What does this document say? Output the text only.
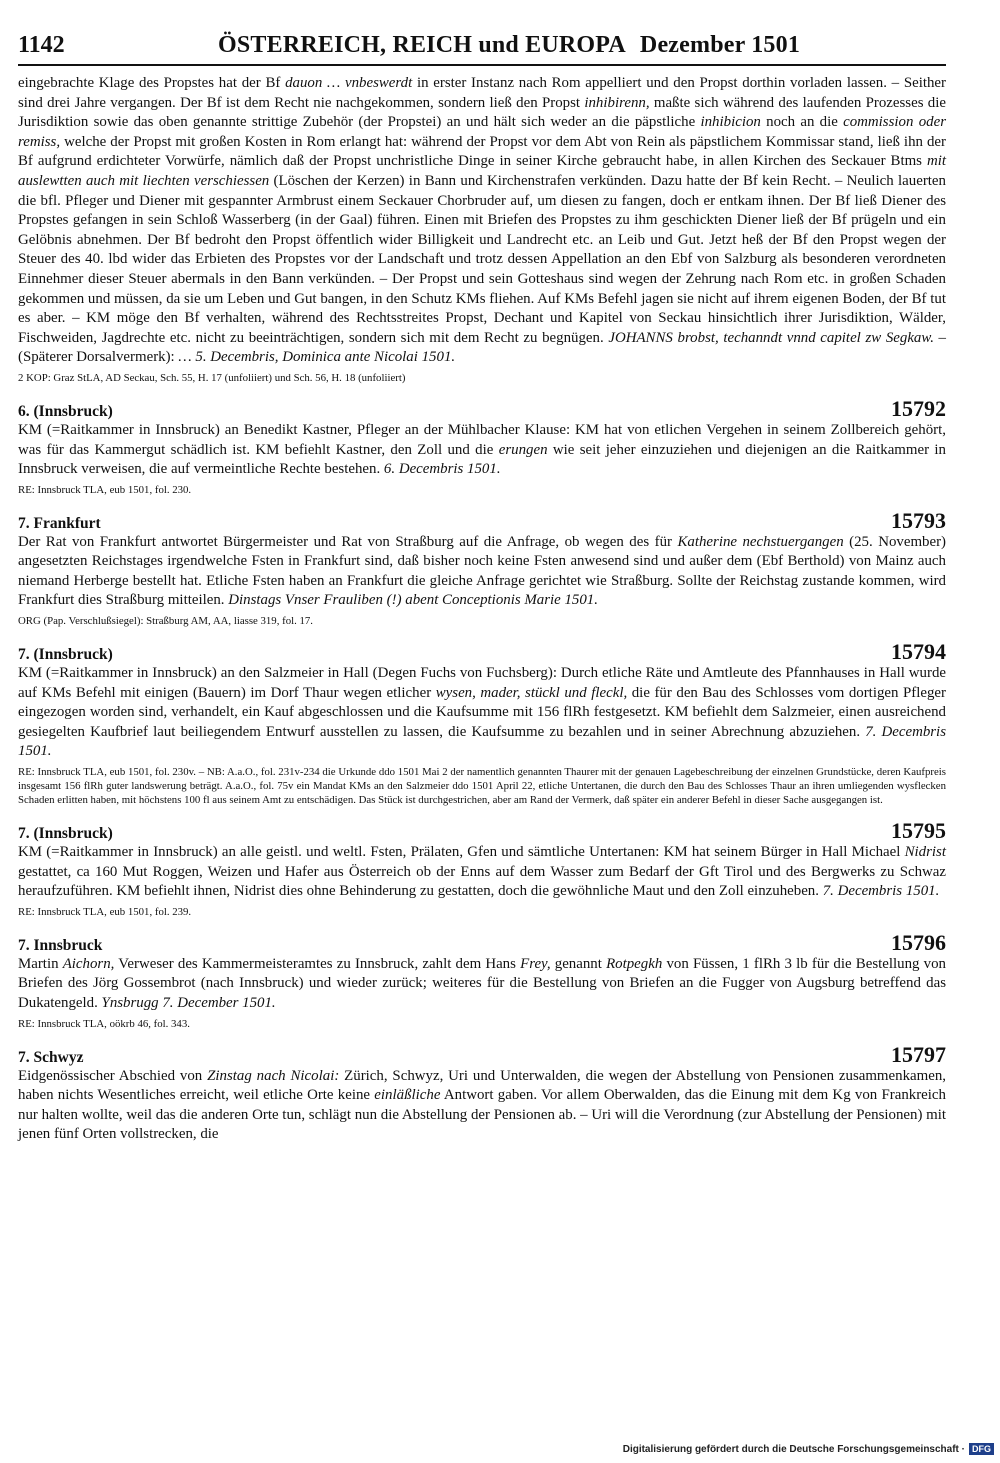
1142	ÖSTERREICH, REICH und EUROPA Dezember 1501
eingebrachte Klage des Propstes hat der Bf dauon … vnbeswerdt in erster Instanz nach Rom appelliert und den Propst dorthin vorladen lassen. – Seither sind drei Jahre vergangen. Der Bf ist dem Recht nie nachgekommen, sondern ließ den Propst inhibirenn, maßte sich während des laufenden Prozesses die Jurisdiktion sowie das oben genannte strittige Zubehör (der Propstei) an und hält sich weder an die päpstliche inhibicion noch an die commission oder remiss, welche der Propst mit großen Kosten in Rom erlangt hat: während der Propst vor dem Abt von Rein als päpstlichem Kommissar stand, ließ ihn der Bf aufgrund erdichteter Vorwürfe, nämlich daß der Propst unchristliche Dinge in seiner Kirche gebraucht habe, in allen Kirchen des Seckauer Btms mit auslewtten auch mit liechten verschiessen (Löschen der Kerzen) in Bann und Kirchenstrafen verkünden. Dazu hatte der Bf kein Recht. – Neulich lauerten die bfl. Pfleger und Diener mit gespannter Armbrust einem Seckauer Chorbruder auf, um diesen zu fangen, doch er entkam ihnen. Der Bf ließ Diener des Propstes gefangen in sein Schloß Wasserberg (in der Gaal) führen. Einen mit Briefen des Propstes zu ihm geschickten Diener ließ der Bf prügeln und ein Gelöbnis abnehmen. Der Bf bedroht den Propst öffentlich wider Billigkeit und Landrecht etc. an Leib und Gut. Jetzt heß der Bf den Propst wegen der Steuer des 40. lbd wider das Erbieten des Propstes vor der Landschaft und trotz dessen Appellation an den Ebf von Salzburg als besonderen verordneten Einnehmer dieser Steuer abermals in den Bann verkünden. – Der Propst und sein Gotteshaus sind wegen der Zehrung nach Rom etc. in großen Schaden gekommen und müssen, da sie um Leben und Gut bangen, in den Schutz KMs fliehen. Auf KMs Befehl jagen sie nicht auf ihrem eigenen Boden, der Bf tut es aber. – KM möge den Bf verhalten, während des Rechtsstreites Propst, Dechant und Kapitel von Seckau hinsichtlich ihrer Jurisdiktion, Wälder, Fischweiden, Jagdrechte etc. nicht zu beeinträchtigen, sondern sich mit dem Recht zu begnügen. JOHANNS brobst, techanndt vnnd capitel zw Segkaw. – (Späterer Dorsalvermerk): … 5. Decembris, Dominica ante Nicolai 1501.
2 KOP: Graz StLA, AD Seckau, Sch. 55, H. 17 (unfoliiert) und Sch. 56, H. 18 (unfoliiert)
6. (Innsbruck)	15792
KM (=Raitkammer in Innsbruck) an Benedikt Kastner, Pfleger an der Mühlbacher Klause: KM hat von etlichen Vergehen in seinem Zollbereich gehört, was für das Kammergut schädlich ist. KM befiehlt Kastner, den Zoll und die erungen wie seit jeher einzuziehen und diejenigen an die Raitkammer in Innsbruck verweisen, die auf vermeintliche Rechte bestehen. 6. Decembris 1501.
RE: Innsbruck TLA, eub 1501, fol. 230.
7. Frankfurt	15793
Der Rat von Frankfurt antwortet Bürgermeister und Rat von Straßburg auf die Anfrage, ob wegen des für Katherine nechstuergangen (25. November) angesetzten Reichstages irgendwelche Fsten in Frankfurt sind, daß bisher noch keine Fsten anwesend sind und außer dem (Ebf Berthold) von Mainz auch niemand Herberge bestellt hat. Etliche Fsten haben an Frankfurt die gleiche Anfrage gerichtet wie Straßburg. Sollte der Reichstag zustande kommen, wird Frankfurt dies Straßburg mitteilen. Dinstags Vnser Frauliben (!) abent Conceptionis Marie 1501.
ORG (Pap. Verschlußsiegel): Straßburg AM, AA, liasse 319, fol. 17.
7. (Innsbruck)	15794
KM (=Raitkammer in Innsbruck) an den Salzmeier in Hall (Degen Fuchs von Fuchsberg): Durch etliche Räte und Amtleute des Pfannhauses in Hall wurde auf KMs Befehl mit einigen (Bauern) im Dorf Thaur wegen etlicher wysen, mader, stückl und fleckl, die für den Bau des Schlosses vom dortigen Pfleger eingezogen worden sind, verhandelt, ein Kauf abgeschlossen und die Kaufsumme mit 156 flRh festgesetzt. KM befiehlt dem Salzmeier, einen ausreichend gesiegelten Kaufbrief laut beiliegendem Entwurf ausstellen zu lassen, die Kaufsumme zu bezahlen und in seiner Abrechnung abzuziehen. 7. Decembris 1501.
RE: Innsbruck TLA, eub 1501, fol. 230v. – NB: A.a.O., fol. 231v-234 die Urkunde ddo 1501 Mai 2 der namentlich genannten Thaurer mit der genauen Lagebeschreibung der einzelnen Grundstücke, deren Kaufpreis insgesamt 156 flRh guter landswerung beträgt. A.a.O., fol. 75v ein Mandat KMs an den Salzmeier ddo 1501 April 22, etliche Untertanen, die durch den Bau des Schlosses Thaur an ihren umliegenden wysflecken Schaden erlitten haben, mit höchstens 100 fl aus seinem Amt zu entschädigen. Das Stück ist durchgestrichen, aber am Rand der Vermerk, daß später ein anderer Befehl in dieser Sache ausgegangen ist.
7. (Innsbruck)	15795
KM (=Raitkammer in Innsbruck) an alle geistl. und weltl. Fsten, Prälaten, Gfen und sämtliche Untertanen: KM hat seinem Bürger in Hall Michael Nidrist gestattet, ca 160 Mut Roggen, Weizen und Hafer aus Österreich ob der Enns auf dem Wasser zum Bedarf der Gft Tirol und des Bergwerks zu Schwaz heraufzuführen. KM befiehlt ihnen, Nidrist dies ohne Behinderung zu gestatten, doch die gewöhnliche Maut und den Zoll einzuheben. 7. Decembris 1501.
RE: Innsbruck TLA, eub 1501, fol. 239.
7. Innsbruck	15796
Martin Aichorn, Verweser des Kammermeisteramtes zu Innsbruck, zahlt dem Hans Frey, genannt Rotpegkh von Füssen, 1 flRh 3 lb für die Bestellung von Briefen des Jörg Gossembrot (nach Innsbruck) und wieder zurück; weiteres für die Bestellung von Briefen an die Fugger von Augsburg betreffend das Dukatengeld. Ynsbrugg 7. December 1501.
RE: Innsbruck TLA, oökrb 46, fol. 343.
7. Schwyz	15797
Eidgenössischer Abschied von Zinstag nach Nicolai: Zürich, Schwyz, Uri und Unterwalden, die wegen der Abstellung von Pensionen zusammenkamen, haben nichts Wesentliches erreicht, weil etliche Orte keine einläßliche Antwort gaben. Vor allem Oberwalden, das die Einung mit dem Kg von Frankreich nur halten wollte, weil das die anderen Orte tun, schlägt nun die Abstellung der Pensionen ab. – Uri will die Verordnung (zur Abstellung der Pensionen) mit jenen fünf Orten vollstrecken, die
Digitalisierung gefördert durch die Deutsche Forschungsgemeinschaft · DFG
